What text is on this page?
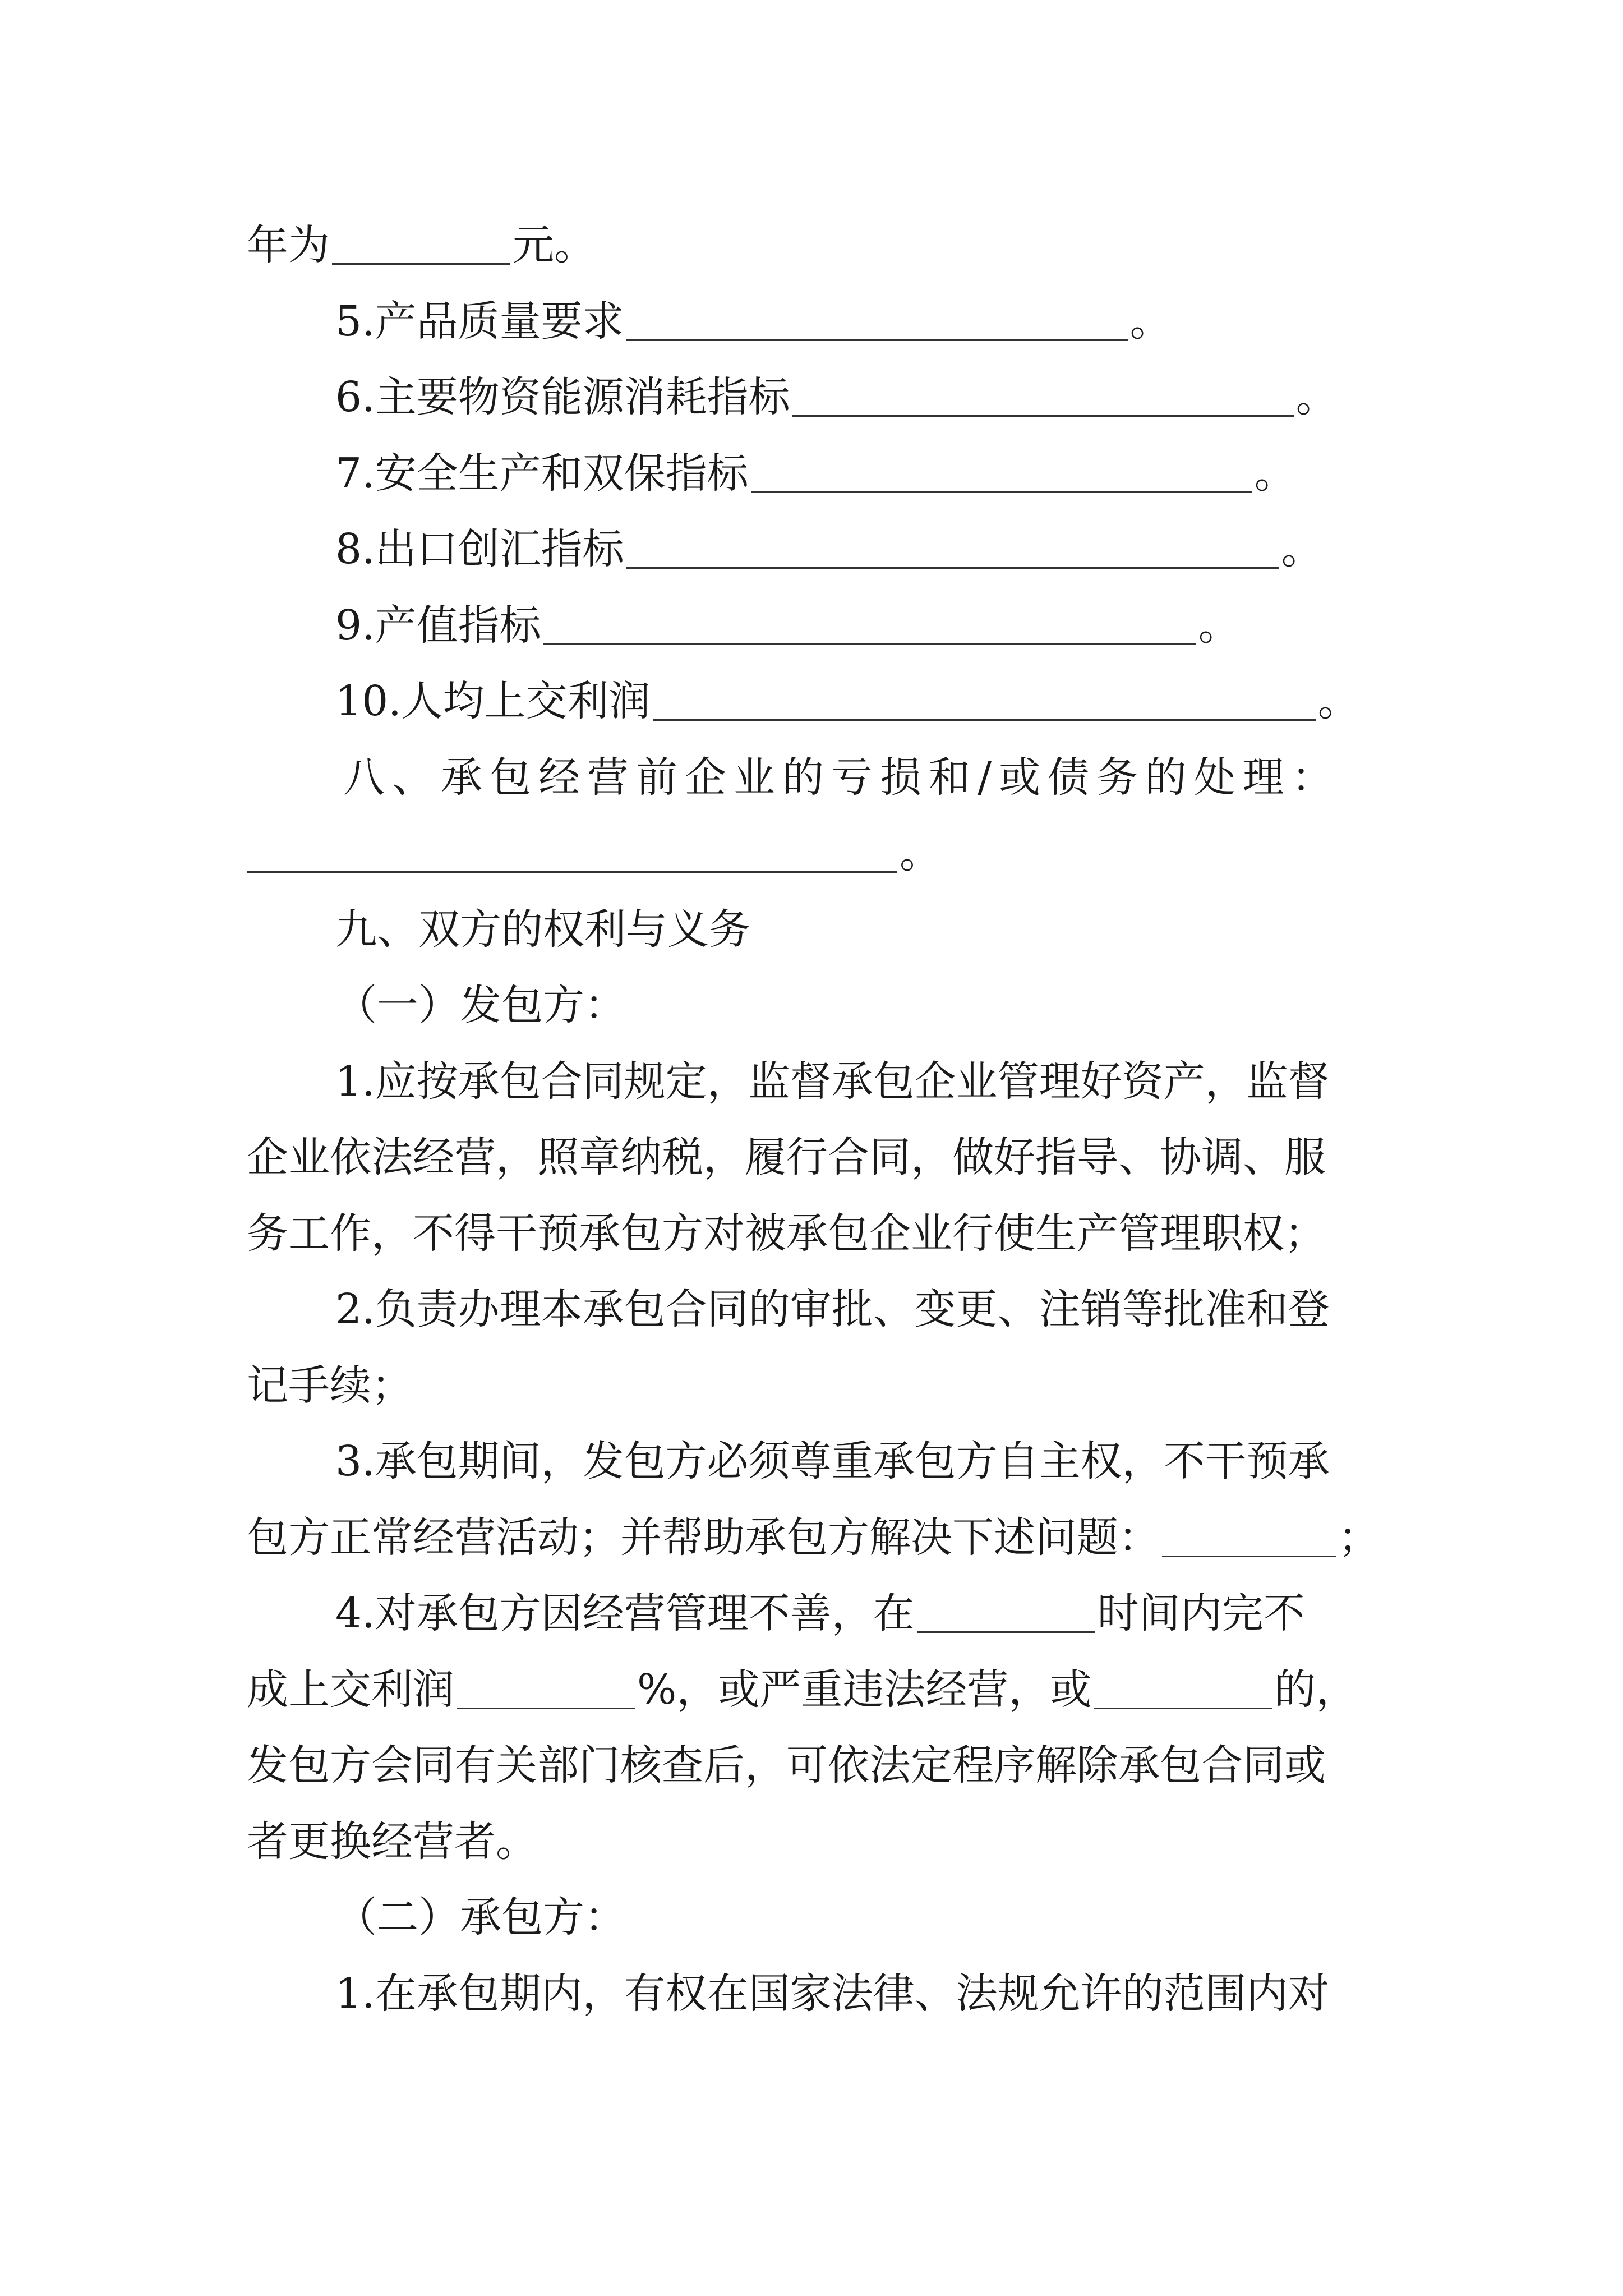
年为	元。
5.产品质量要求	。
6.主要物资能源消耗指标	。
7.安全生产和双保指标	。
8.出口创汇指标	。
9.产值指标	。
10.人均上交利润	。
八、承包经营前企业的亏损和/或债务的处理：
。
九、双方的权利与义务
（一）发包方：
1.应按承包合同规定，监督承包企业管理好资产，监督
企业依法经营，照章纳税，履行合同，做好指导、协调、服
务工作，不得干预承包方对被承包企业行使生产管理职权；
2.负责办理本承包合同的审批、变更、注销等批准和登
记手续；
3.承包期间，发包方必须尊重承包方自主权，不干预承
包方正常经营活动；并帮助承包方解决下述问题：	；
4.对承包方因经营管理不善，在	时间内完不
成上交利润	%，或严重违法经营，或	的，
发包方会同有关部门核查后，可依法定程序解除承包合同或
者更换经营者。
（二）承包方：
1.在承包期内，有权在国家法律、法规允许的范围内对
